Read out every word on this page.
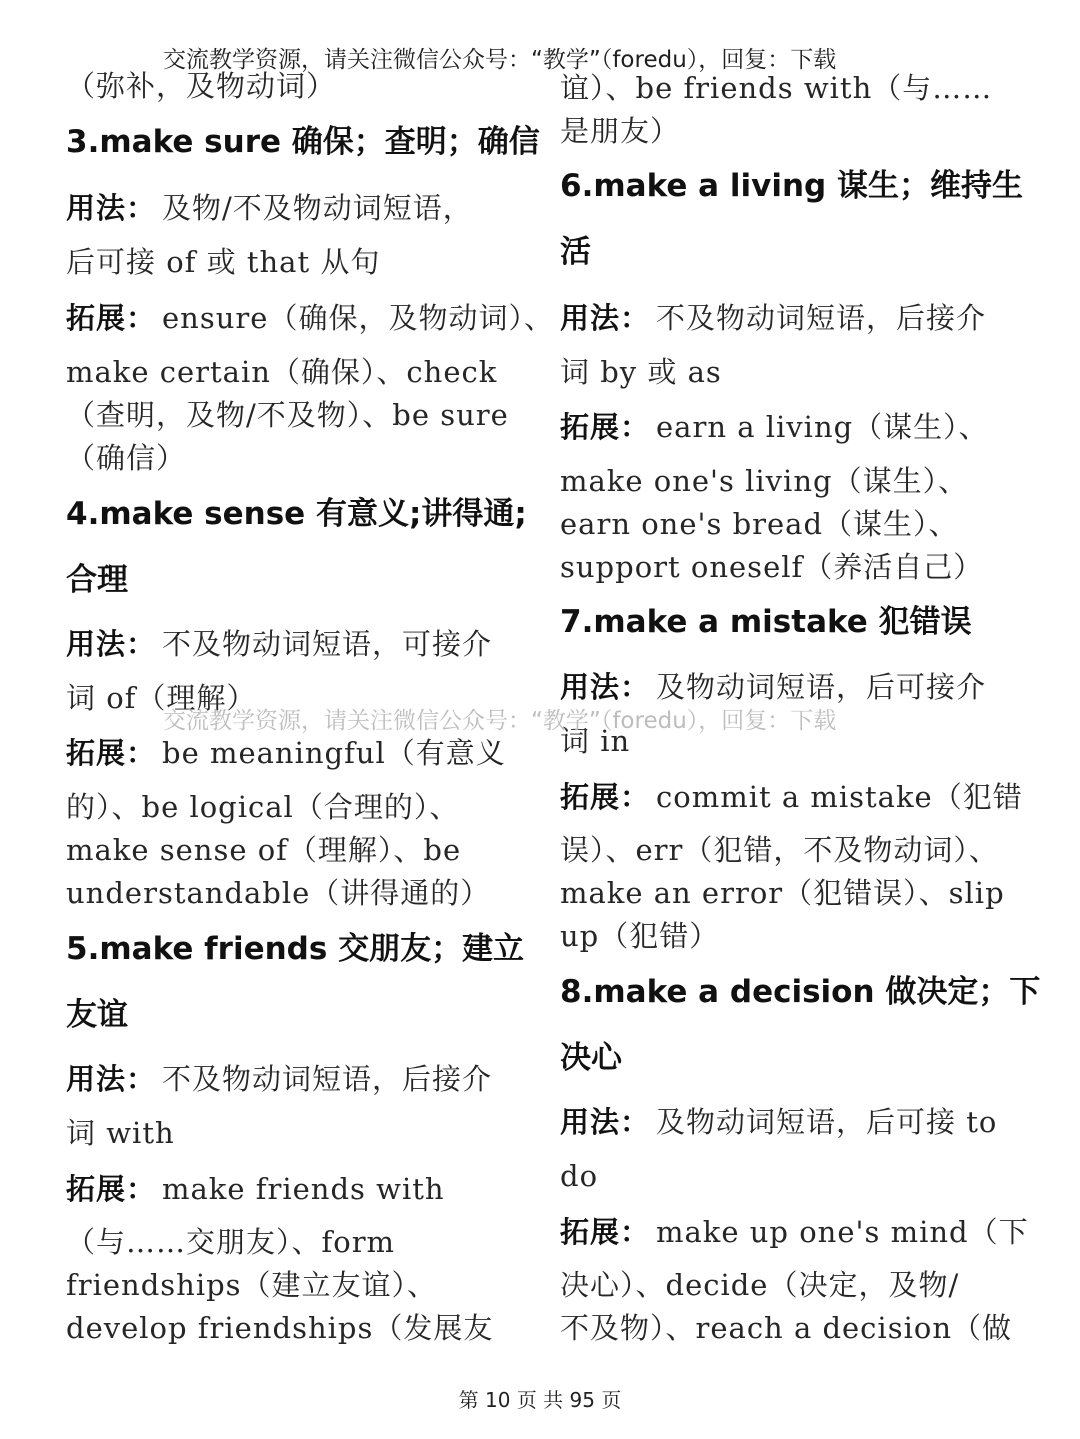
（弥补，及物动词）
3.make sure 确保；查明；确信
用法： 及物/不及物动词短语，
后可接 of 或 that 从句
拓展： ensure（确保，及物动词）、
make certain（确保）、check
（查明，及物/不及物）、be sure
（确信）
4.make sense 有意义;讲得通;
合理
用法： 不及物动词短语，可接介
词 of（理解）
拓展： be meaningful（有意义
的）、be logical（合理的）、
make sense of（理解）、be
understandable（讲得通的）
5.make friends 交朋友；建立
友谊
用法： 不及物动词短语，后接介
词 with
拓展： make friends with
（与……交朋友）、form
friendships（建立友谊）、
develop friendships（发展友
谊）、be friends with（与……
是朋友）
6.make a living 谋生；维持生
活
用法： 不及物动词短语，后接介
词 by 或 as
拓展： earn a living（谋生）、
make one's living（谋生）、
earn one's bread（谋生）、
support oneself（养活自己）
7.make a mistake 犯错误
用法： 及物动词短语，后可接介
词 in
拓展： commit a mistake（犯错
误）、err（犯错，不及物动词）、
make an error（犯错误）、slip
up（犯错）
8.make a decision 做决定；下
决心
用法： 及物动词短语，后可接 to
do
拓展： make up one's mind（下
决心）、decide（决定，及物/
不及物）、reach a decision（做
交流教学资源，请关注微信公众号：“教学”（foredu），回复：下载
交流教学资源，请关注微信公众号：“教学”（foredu），回复：下载
第 10 页 共 95 页
